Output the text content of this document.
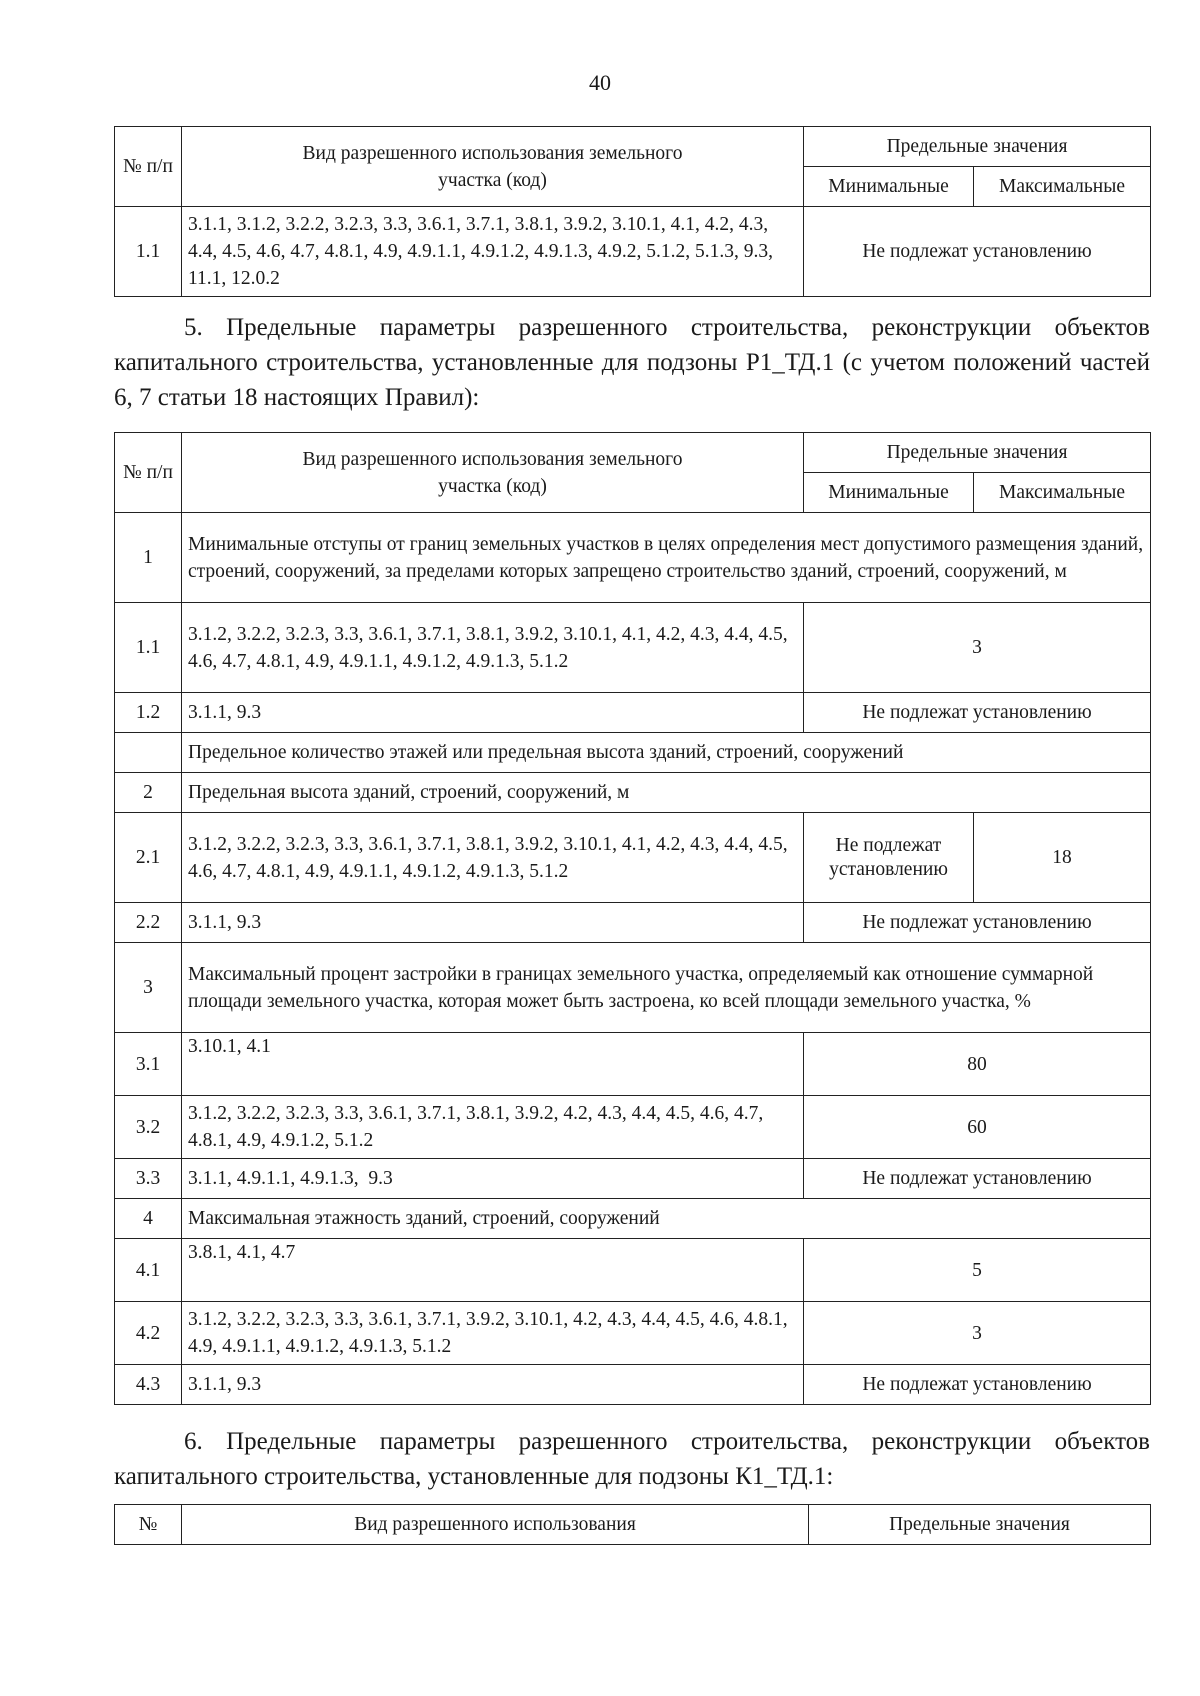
40
№ п/п	Вид разрешенного использования земельного участка (код)	Предельные значения	
		Минимальные	Максимальные
1.1	3.1.1, 3.1.2, 3.2.2, 3.2.3, 3.3, 3.6.1, 3.7.1, 3.8.1, 3.9.2, 3.10.1, 4.1, 4.2, 4.3, 4.4, 4.5, 4.6, 4.7, 4.8.1, 4.9, 4.9.1.1, 4.9.1.2, 4.9.1.3, 4.9.2, 5.1.2, 5.1.3, 9.3, 11.1, 12.0.2	Не подлежат установлению	
5. Предельные параметры разрешенного строительства, реконструкции объектов капитального строительства, установленные для подзоны Р1_ТД.1 (с учетом положений частей 6, 7 статьи 18 настоящих Правил):
№ п/п	Вид разрешенного использования земельного участка (код)	Предельные значения	
		Минимальные	Максимальные
1	Минимальные отступы от границ земельных участков в целях определения мест допустимого размещения зданий, строений, сооружений, за пределами которых запрещено строительство зданий, строений, сооружений, м		
1.1	3.1.2, 3.2.2, 3.2.3, 3.3, 3.6.1, 3.7.1, 3.8.1, 3.9.2, 3.10.1, 4.1, 4.2, 4.3, 4.4, 4.5, 4.6, 4.7, 4.8.1, 4.9, 4.9.1.1, 4.9.1.2, 4.9.1.3, 5.1.2	3	
1.2	3.1.1, 9.3	Не подлежат установлению	
	Предельное количество этажей или предельная высота зданий, строений, сооружений		
2	Предельная высота зданий, строений, сооружений, м		
2.1	3.1.2, 3.2.2, 3.2.3, 3.3, 3.6.1, 3.7.1, 3.8.1, 3.9.2, 3.10.1, 4.1, 4.2, 4.3, 4.4, 4.5, 4.6, 4.7, 4.8.1, 4.9, 4.9.1.1, 4.9.1.2, 4.9.1.3, 5.1.2	Не подлежат установлению	18
2.2	3.1.1, 9.3	Не подлежат установлению	
3	Максимальный процент застройки в границах земельного участка, определяемый как отношение суммарной площади земельного участка, которая может быть застроена, ко всей площади земельного участка, %		
3.1	3.10.1, 4.1	80	
3.2	3.1.2, 3.2.2, 3.2.3, 3.3, 3.6.1, 3.7.1, 3.8.1, 3.9.2, 4.2, 4.3, 4.4, 4.5, 4.6, 4.7, 4.8.1, 4.9, 4.9.1.2, 5.1.2	60	
3.3	3.1.1, 4.9.1.1, 4.9.1.3,  9.3	Не подлежат установлению	
4	Максимальная этажность зданий, строений, сооружений		
4.1	3.8.1, 4.1, 4.7	5	
4.2	3.1.2, 3.2.2, 3.2.3, 3.3, 3.6.1, 3.7.1, 3.9.2, 3.10.1, 4.2, 4.3, 4.4, 4.5, 4.6, 4.8.1, 4.9, 4.9.1.1, 4.9.1.2, 4.9.1.3, 5.1.2	3	
4.3	3.1.1, 9.3	Не подлежат установлению	
6. Предельные параметры разрешенного строительства, реконструкции объектов капитального строительства, установленные для подзоны К1_ТД.1:
№	Вид разрешенного использования	Предельные значения
